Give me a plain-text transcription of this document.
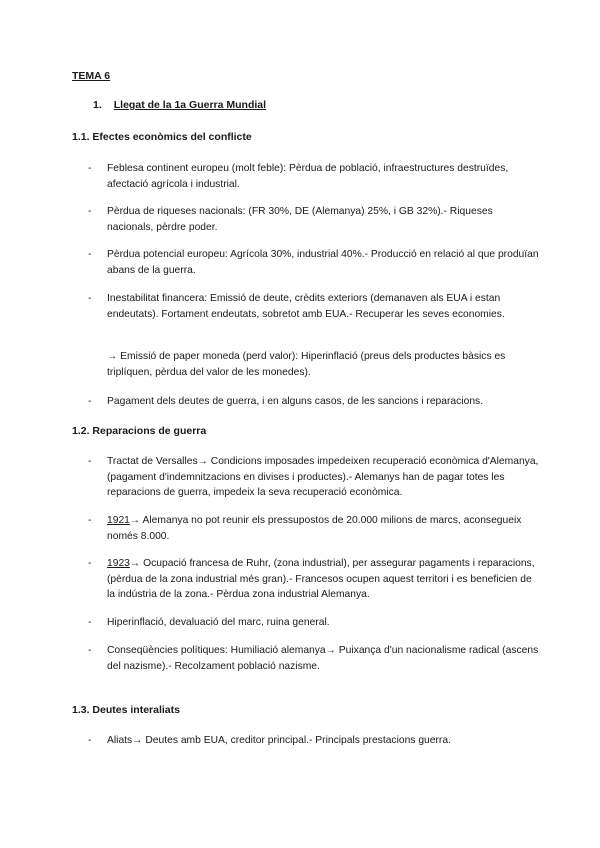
TEMA 6
1. Llegat de la 1a Guerra Mundial
1.1. Efectes econòmics del conflicte
- Feblesa continent europeu (molt feble): Pèrdua de població, infraestructures destruïdes, afectació agrícola i industrial.
- Pèrdua de riqueses nacionals: (FR 30%, DE (Alemanya) 25%, i GB 32%).- Riqueses nacionals, pèrdre poder.
- Pèrdua potencial europeu: Agrícola 30%, industrial 40%.- Producció en relació al que produïan abans de la guerra.
- Inestabilitat financera: Emissió de deute, crèdits exteriors (demanaven als EUA i estan endeutats). Fortament endeutats, sobretot amb EUA.- Recuperar les seves economies.
→ Emissió de paper moneda (perd valor): Hiperinflació (preus dels productes bàsics es triplíquen, pèrdua del valor de les monedes).
- Pagament dels deutes de guerra, i en alguns casos, de les sancions i reparacions.
1.2. Reparacions de guerra
- Tractat de Versalles→ Condicions imposades impedeixen recuperació econòmica d'Alemanya, (pagament d'indemnitzacions en divises i productes).- Alemanys han de pagar totes les reparacions de guerra, impedeix la seva recuperació econòmica.
- 1921→ Alemanya no pot reunir els pressupostos de 20.000 milions de marcs, aconsegueix només 8.000.
- 1923→ Ocupació francesa de Ruhr, (zona industrial), per assegurar pagaments i reparacions, (pèrdua de la zona industrial més gran).- Francesos ocupen aquest territori i es beneficien de la indústria de la zona.- Pèrdua zona industrial Alemanya.
- Hiperinflació, devaluació del marc, ruina general.
- Conseqüències polítiques: Humiliació alemanya→ Puixança d'un nacionalisme radical (ascens del nazisme).- Recolzament població nazisme.
1.3. Deutes interaliats
- Aliats→ Deutes amb EUA, creditor principal.- Principals prestacions guerra.
